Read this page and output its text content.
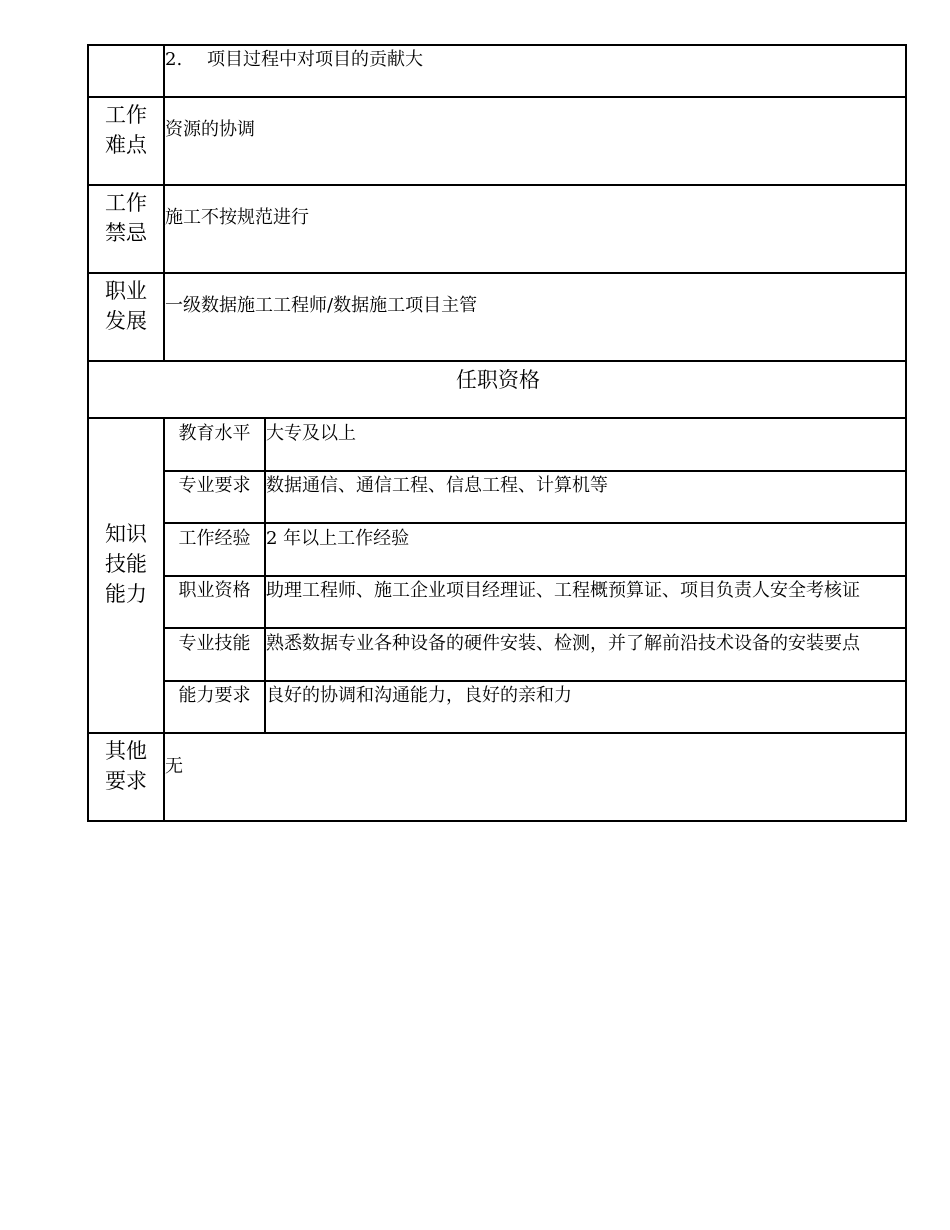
2. 项目过程中对项目的贡献大
工作
难点
资源的协调
工作
禁忌
施工不按规范进行
职业
发展
一级数据施工工程师/数据施工项目主管
任职资格
知识
技能
能力
教育水平 大专及以上
专业要求 数据通信、通信工程、信息工程、计算机等
工作经验 2 年以上工作经验
职业资格 助理工程师、施工企业项目经理证、工程概预算证、项目负责人安全考核证
专业技能 熟悉数据专业各种设备的硬件安装、检测，并了解前沿技术设备的安装要点
能力要求 良好的协调和沟通能力，良好的亲和力
其他
要求
无
